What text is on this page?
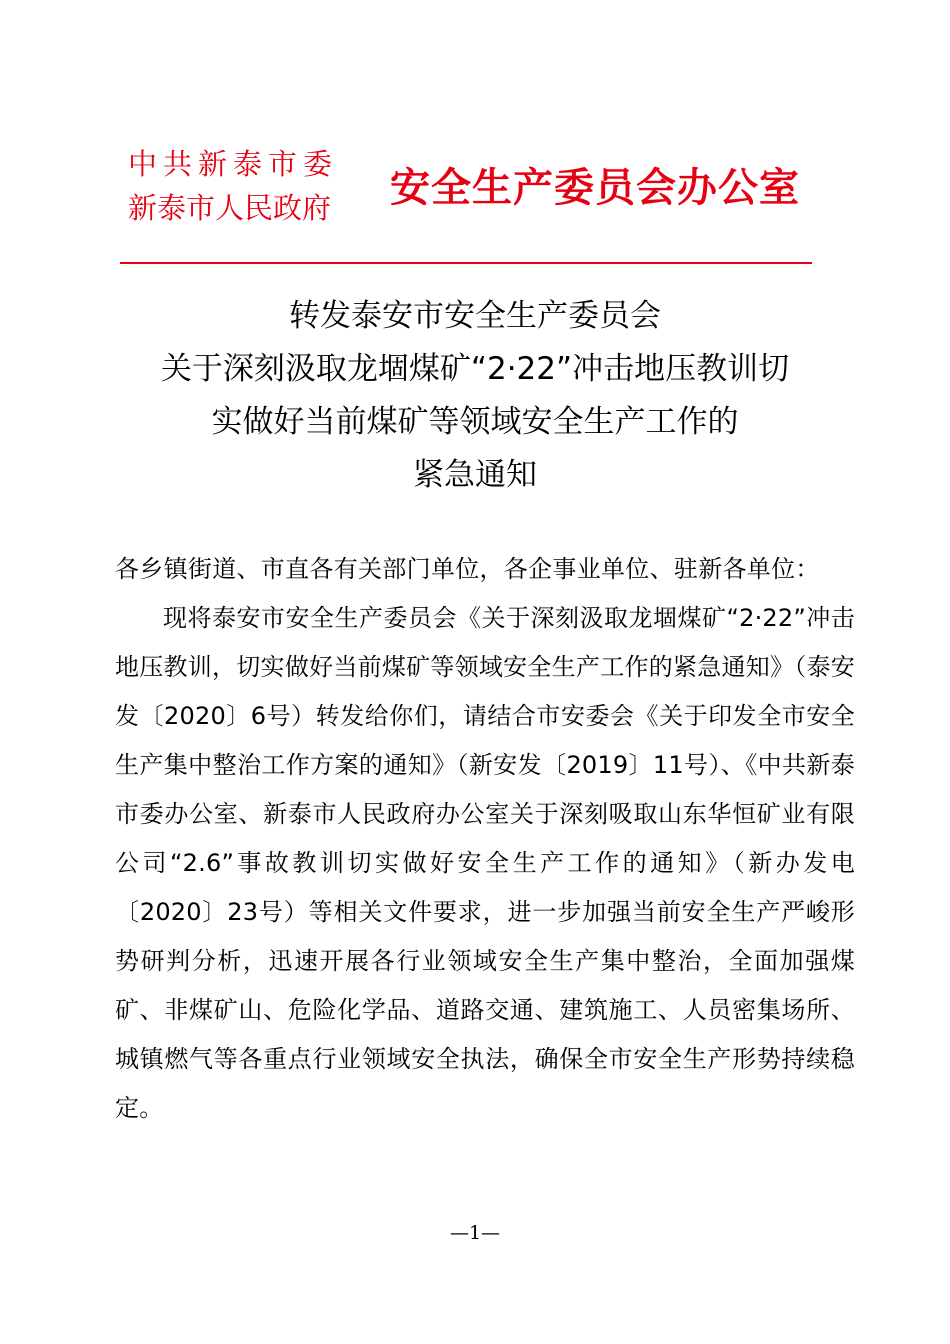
中共新泰市委
新泰市人民政府	安全生产委员会办公室
转发泰安市安全生产委员会
关于深刻汲取龙堌煤矿“2·22”冲击地压教训切
实做好当前煤矿等领域安全生产工作的
紧急通知
各乡镇街道、市直各有关部门单位，各企事业单位、驻新各单位：

现将泰安市安全生产委员会《关于深刻汲取龙堌煤矿“2·22”冲击地压教训，切实做好当前煤矿等领域安全生产工作的紧急通知》（泰安发〔2020〕6号）转发给你们，请结合市安委会《关于印发全市安全生产集中整治工作方案的通知》（新安发〔2019〕11号）、《中共新泰市委办公室、新泰市人民政府办公室关于深刻吸取山东华恒矿业有限公司“2.6”事故教训切实做好安全生产工作的通知》（新办发电〔2020〕23号）等相关文件要求，进一步加强当前安全生产严峻形势研判分析，迅速开展各行业领域安全生产集中整治，全面加强煤矿、非煤矿山、危险化学品、道路交通、建筑施工、人员密集场所、城镇燃气等各重点行业领域安全执法，确保全市安全生产形势持续稳定。

—1—
